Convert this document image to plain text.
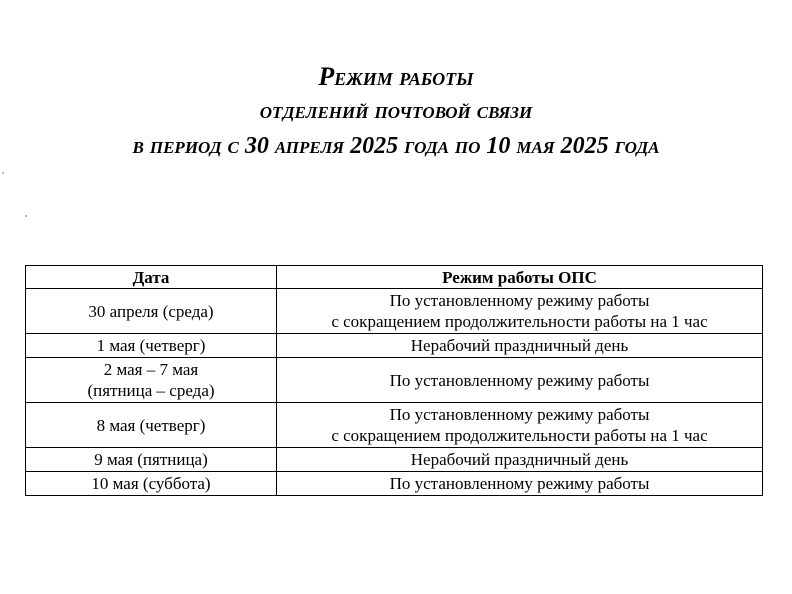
Режим работы
отделений почтовой связи
в период с 30 апреля 2025 года по 10 мая 2025 года
Дата	Режим работы ОПС

30 апреля (среда)	По установленному режиму работы
с сокращением продолжительности работы на 1 час

1 мая (четверг)	Нерабочий праздничный день

2 мая – 7 мая
(пятница – среда)	По установленному режиму работы

8 мая (четверг)	По установленному режиму работы
с сокращением продолжительности работы на 1 час

9 мая (пятница)	Нерабочий праздничный день

10 мая (суббота)	По установленному режиму работы
